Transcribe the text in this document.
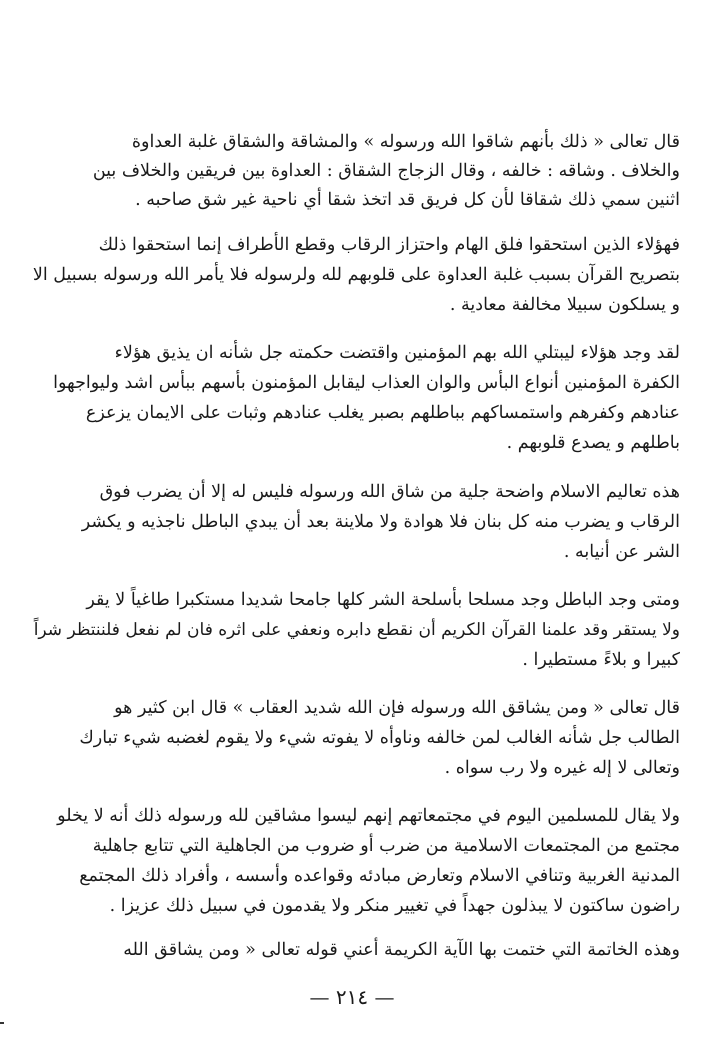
قال تعالى « ذلك بأنهم شاقوا الله ورسوله » والمشاقة والشقاق غلبة العداوة
والخلاف . وشاقه : خالفه ، وقال الزجاج الشقاق : العداوة بين فريقين والخلاف بين
اثنين سمي ذلك شقاقا لأن كل فريق قد اتخذ شقا أي ناحية غير شق صاحبه .
فهؤلاء الذين استحقوا فلق الهام واحتزاز الرقاب وقطع الأطراف إنما استحقوا ذلك
بتصريح القرآن بسبب غلبة العداوة على قلوبهم لله ولرسوله فلا يأمر الله ورسوله بسبيل الا
و يسلكون سبيلا مخالفة معادية .
لقد وجد هؤلاء ليبتلي الله بهم المؤمنين واقتضت حكمته جل شأنه ان يذيق هؤلاء
الكفرة المؤمنين أنواع البأس والوان العذاب ليقابل المؤمنون بأسهم ببأس اشد وليواجهوا
عنادهم وكفرهم واستمساكهم بباطلهم بصبر يغلب عنادهم وثبات على الايمان يزعزع
باطلهم و يصدع قلوبهم .
هذه تعاليم الاسلام واضحة جلية من شاق الله ورسوله فليس له إلا أن يضرب فوق
الرقاب و يضرب منه كل بنان فلا هوادة ولا ملاينة بعد أن يبدي الباطل ناجذيه و يكشر
الشر عن أنيابه .
ومتى وجد الباطل وجد مسلحا بأسلحة الشر كلها جامحا شديدا مستكبرا طاغياً لا يقر
ولا يستقر وقد علمنا القرآن الكريم أن نقطع دابره ونعفي على اثره فان لم نفعل فلننتظر شراً
كبيرا و بلاءً مستطيرا .
قال تعالى « ومن يشاقق الله ورسوله فإن الله شديد العقاب » قال ابن كثير هو
الطالب جل شأنه الغالب لمن خالفه وناوأه لا يفوته شيء ولا يقوم لغضبه شيء تبارك
وتعالى لا إله غيره ولا رب سواه .
ولا يقال للمسلمين اليوم في مجتمعاتهم إنهم ليسوا مشاقين لله ورسوله ذلك أنه لا يخلو
مجتمع من المجتمعات الاسلامية من ضرب أو ضروب من الجاهلية التي تتابع جاهلية
المدنية الغربية وتنافي الاسلام وتعارض مبادئه وقواعده وأسسه ، وأفراد ذلك المجتمع
راضون ساكتون لا يبذلون جهداً في تغيير منكر ولا يقدمون في سبيل ذلك عزيزا .
وهذه الخاتمة التي ختمت بها الآية الكريمة أعني قوله تعالى « ومن يشاقق الله
— ٢١٤ —
